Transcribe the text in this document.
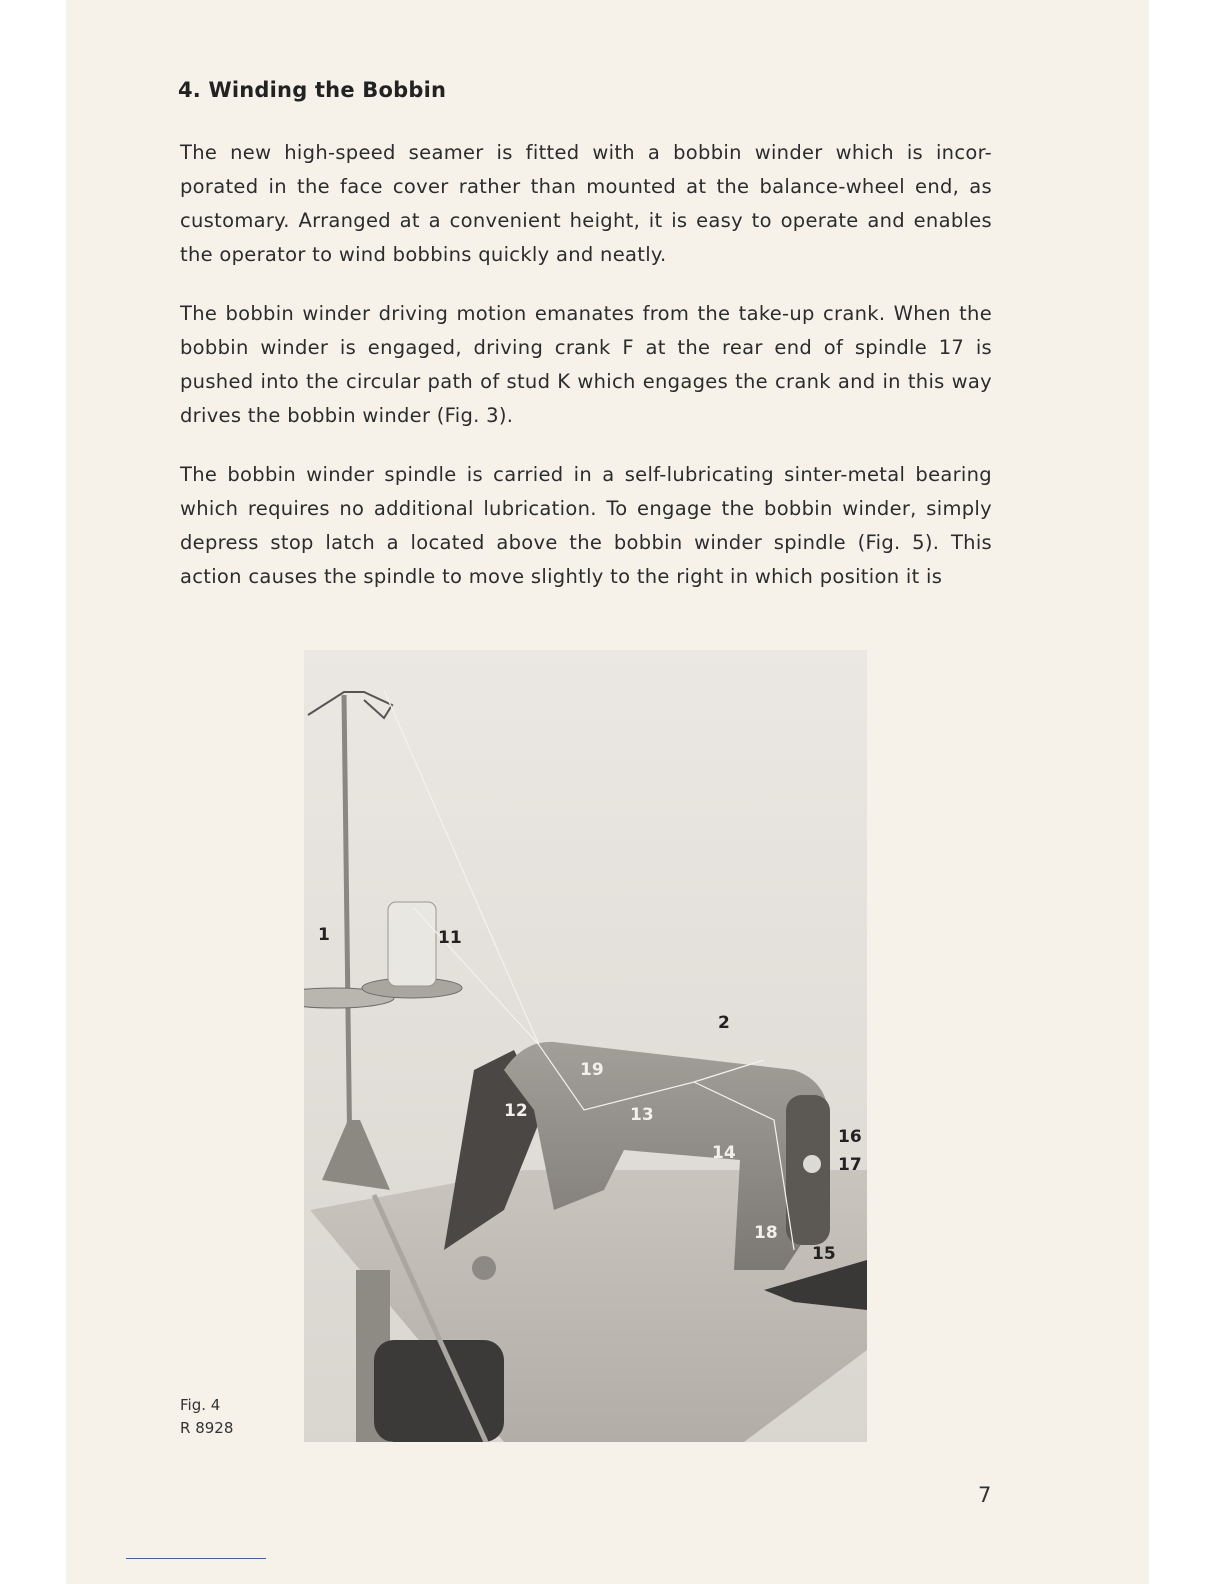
4. Winding the Bobbin

The new high-speed seamer is fitted with a bobbin winder which is incor-porated in the face cover rather than mounted at the balance-wheel end, as customary. Arranged at a convenient height, it is easy to operate and enables the operator to wind bobbins quickly and neatly.

The bobbin winder driving motion emanates from the take-up crank. When the bobbin winder is engaged, driving crank F at the rear end of spindle 17 is pushed into the circular path of stud K which engages the crank and in this way drives the bobbin winder (Fig. 3).

The bobbin winder spindle is carried in a self-lubricating sinter-metal bearing which requires no additional lubrication. To engage the bobbin winder, simply depress stop latch a located above the bobbin winder spindle (Fig. 5). This action causes the spindle to move slightly to the right in which position it is

1	11
2
19
12	13
14
16
17
18
15
Fig. 4
R 8928
7
